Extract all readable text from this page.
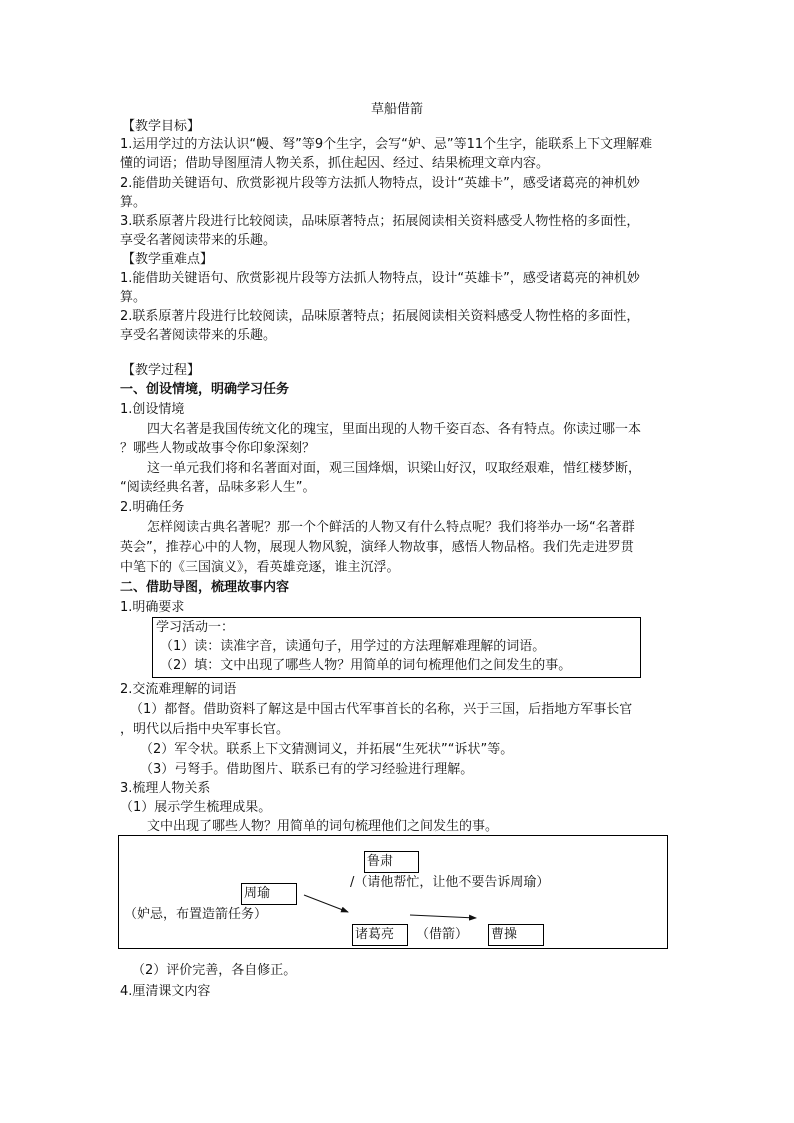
草船借箭
【教学目标】
1.运用学过的方法认识“幔、弩”等9个生字，会写“妒、忌”等11个生字，能联系上下文理解难
懂的词语；借助导图厘清人物关系，抓住起因、经过、结果梳理文章内容。
2.能借助关键语句、欣赏影视片段等方法抓人物特点，设计“英雄卡”，感受诸葛亮的神机妙
算。
3.联系原著片段进行比较阅读，品味原著特点；拓展阅读相关资料感受人物性格的多面性，
享受名著阅读带来的乐趣。
【教学重难点】
1.能借助关键语句、欣赏影视片段等方法抓人物特点，设计“英雄卡”，感受诸葛亮的神机妙
算。
2.联系原著片段进行比较阅读，品味原著特点；拓展阅读相关资料感受人物性格的多面性，
享受名著阅读带来的乐趣。
【教学过程】
一、创设情境，明确学习任务
1.创设情境
四大名著是我国传统文化的瑰宝，里面出现的人物千姿百态、各有特点。你读过哪一本
？哪些人物或故事令你印象深刻？
这一单元我们将和名著面对面，观三国烽烟，识梁山好汉，叹取经艰难，惜红楼梦断，
“阅读经典名著，品味多彩人生”。
2.明确任务
怎样阅读古典名著呢？那一个个鲜活的人物又有什么特点呢？我们将举办一场“名著群
英会”，推荐心中的人物，展现人物风貌，演绎人物故事，感悟人物品格。我们先走进罗贯
中笔下的《三国演义》，看英雄竞逐，谁主沉浮。
二、借助导图，梳理故事内容
1.明确要求
学习活动一：
（1）读：读准字音，读通句子，用学过的方法理解难理解的词语。
（2）填：文中出现了哪些人物？用简单的词句梳理他们之间发生的事。
2.交流难理解的词语
（1）都督。借助资料了解这是中国古代军事首长的名称，兴于三国，后指地方军事长官
，明代以后指中央军事长官。
（2）军令状。联系上下文猜测词义，并拓展“生死状”“诉状”等。
（3）弓弩手。借助图片、联系已有的学习经验进行理解。
3.梳理人物关系
（1）展示学生梳理成果。
文中出现了哪些人物？用简单的词句梳理他们之间发生的事。
鲁肃
/（请他帮忙，让他不要告诉周瑜）
周瑜
（妒忌，布置造箭任务）
诸葛亮	（借箭） 曹操
（2）评价完善，各自修正。
4.厘清课文内容
